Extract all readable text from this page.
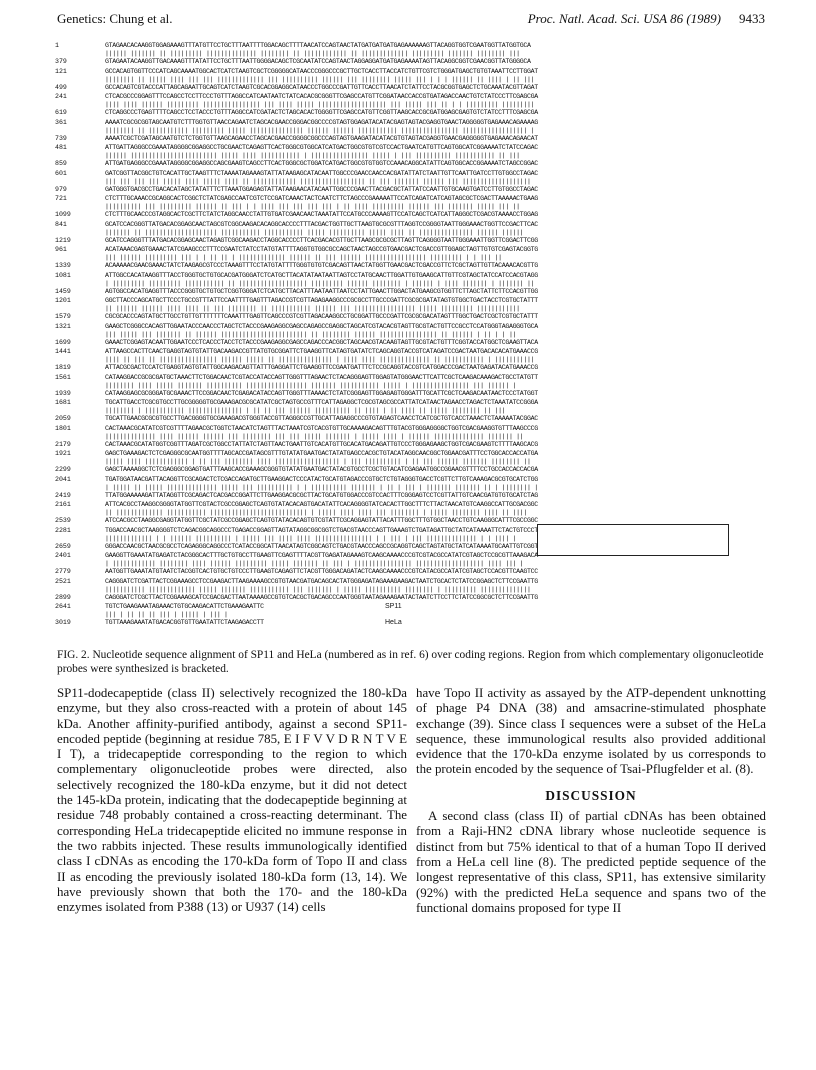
Genetics: Chung et al.	Proc. Natl. Acad. Sci. USA 86 (1989) 9433
1
379
GTAGAACACAAGGTGGAGAAAGTTTATGTTCCTGCTTTAATTTTGGACAGCTTTTAACATCCAGTAACTATGATGATGATGAGAAAAAAGTTACAGGTGGTCGAATGGTTATGGTGCA
|||||| ||||||| || ||||||||| |||||||||||||| |||||||| || |||||||||||| || ||||||||||||| ||||||||| ||||||| |||||||| |||
GTAGAATACAAGGTTGACAAAGTTTATATTCCTGCTTTAATTGGGGACAGCTCGCAATATCCAGTAACTAGGAGGATGATGAGAAAATAGTTACAGGCGGTCGAACGGTTATGGGGCA
121
499
GCCACAGTGGTTCCCATCAGCAAAATGGCACTCATCTAAGTCGCTCGGGGGCATAACCCGGGCCCGCTTGCTCACCTTACCATCTGTTCGTCTGGGATGAGCTGTGTAAATTCCTTGGAT
|||||||| || ||||| |||| ||| ||| ||||||||||||| ||| |||||||||| |||||| ||| |||||||| ||||| ||| | | | |||||| || |||| | || |||
GCCACAGTCGTACCCATTAGCAGAATTGCAGTCATCTAAGTCGCACGGAGGCATAACCCTGGCCCGATTGTTCACCTTAACATCTATTCCTACGCGGTGAGCTCTGCAAATACGTTAGAT
241
619
CTCACGCCCGGAGTTTCCAGCCTCCTTCCCTGTTTAGGCCATCAATAATCTATCACACGCGGGTTCGAGCCATGTTCGGATAACCACCGTGATAGACCAACTGTCTATCCCTTCGAGCGA
|||| |||| |||||| ||||||||| |||||||||||||||| ||| |||| ||||| ||||||||||||||||||| ||| ||||| ||| || | | ||||||||| |||||||||
CTCAGGCCCTGAGTTTTCAGCCTCCTACCCTGTTTAGGCCATCGATACTCTAGCACACTGGGGTTCGAGCCATGTTCGGTTAAGCACCGCGATGGAGCGAGTGTCTATCCTTTCGAGCGA
361
739
AAAATCGCGCGGTAGCAATGTCTTTGGTGTTAACCAGAATCTAGCACGAACCGGGACGGCCCCGTAGTGGAGATACATACGAGTAGTACGAGGTGAACTAGGGGGTGAGAAACAGAAAAG
|||||||| || ||||||||||| ||||||||| ||||| ||||||||||||||| |||||| |||||| ||||||||||| |||||||||||||||| |||||||||||||||||| |
AAAATCGCTCGATAGCAATGTCTCTGGTGTTAAGCAGAACCTAGCACGAACCGGGGCGGCCCAGTAGTGAAGATACATACGTGTAGTACGAGGTGAACGAGGGGGTGAGAAACAGAACAT
481
859
ATTGATTAGGGCCGAAATAGGGGCGGAGGCCTGCGAACTCAGAGTTCACTGGGCGTGGCATCATGACTGGCGTGTCGTCCACTGAATCATGTTCAGTGGCATCGGAAAATCTATCCAGAC
|||||| |||||||||||||||||||||||| ||||| |||| ||||||||||| | |||||||||||||||| ||||| | ||| |||||||||| ||||||||||| || |||
ATTGATGAGGGCCGAAATAGGGGCGGAGGCCAGCGAAGTCAGCCTTCACTGGGCGCTGGATCATGACTGGCGTGTGGTCCAAACAGGCATATTCAGTGGCACCGGAAAATCTAGCCGGAC
601
979
GATCGGTTACGGCTGTCACATTGCTAAGTTTCTAAAATAGAAAGTATTATAAGAGCATACAATTGGCCCGAACCAACCACGATATTATCTAATTGTTCAATTGATCCTTGTGGCCTAGAC
||| ||| ||| ||| ||||| |||| ||||| |||| || |||||||||||| |||||||||||||||||| || ||| ||||||| |||||| ||| |||||||||||||||||||
GATGGGTGACGCCTGACACATAGCTATATTTCTTAAATGGAGAGTATTATAAGAACATACAATTGGCCCGAACTTACGACGCTATTATCCAATTGTGCAAGTGATCCTTGTGGCCTAGAC
721
1099
CTCTTTGCAAACCGCAGGCACTCGGCTCTATCGAGCCAATCGTCTCCGATCAAACTACTCAATCTTCTAGCCCGAAAAATTCCATCAGATCATCAGTAGCGCTCGACTTAAAAACTGAAG
|||||||||| ||| ||||||||| |||||| || ||| | | |||| ||| ||| ||| ||| | || |||| ||||||||| |||||| ||| ||||||| ||||| ||| ||
CTCTTTGCAACCCGTAGGCACTCGCTTCTATCTAGGCAACCTATTGTGATCGAACAACTAAATATTCCATGCCCAAAAGTTCCATCAGCTCATCATTAGGGCTCGACGTAAAACCTGGAG
841
1219
GCATCCACGGGTTATGACACGGAGCAACTAGCGTCGGCAAGACACAGGCACCCCTTTACGACTGGTTGCTTAAGTGCGCGTTTAGGTCCGGGGTAATTGGGAAACTGGTTCCGACTTCAC
||||||| || |||||||||||||||||||| ||||||||||| ||||||||||| ||||| |||||||||| ||||| |||| || ||||||||||||||| |||||| ||||||
GCATCCAGGGTTTATGACACGGAGCAACTAGAGTCGGCAAGACCTAGGCACCCCTTCACGACACGTTGCTTAAGCGCGCGCTTAGTTCAGGGGTAATTGGGAAATTGGTTCGGACTTCGG
961
1339
ACATAAACGAGTGAAACTATCGAAGCCCTTTCCGAATCTATCCTATGTATTTTAGGTGTGGCGCCAGCTAACTAGCCGTGAACGACTCGACCGTTGGAGCTAGTTGTGTCGAGTACGGTG
||| |||||| ||||||||| ||| | | || || | ||||||||||||| |||||| || ||| |||||| ||||||||||||||||| ||||||||| | | ||| ||
ACAAAAACGAACGAAACTATCTAAGAGCGTCCCTAAAGTTTCCTATGTATTTTGGGTGTGTCGACAGTTAACTATGGTTGAACGACTCGACCGTTCTCGCTAGTTGTTACAAACACGTTG
1081
1459
ATTGGCCACATAAGGTTTACCTGGGTGCTGTGCACGATGGGATCTCATGCTTACATATAATAATTAGTCCTATGCAACTTGGATTGTGAAGCATTGTTCGTAGCTATCCATCCACGTAGG
| ||||||||| ||||||||| ||||||||||| || ||||||||||||||||||| ||||||||| |||||| |||||||| | |||||| | |||| ||||||| | ||||||| ||
AGTGGCCACATGAGGTTTACCCGGGTGCTGTGCTCGGTGGGATCTCATGCTTACATTTAATAATTAATCCTATTGAACTTGGACTATGAAGCGTGGTTCTTAGCTATTCTTCCACGTTGG
1201
1579
GGCTTACCCAGCATGCTTCCCTGCCGTTTATTCCAATTTTGAGTTTAGACCGTCGTTAGAGAAGGCCCGCGCCTTGCCCGATTCGCGCGATATAGTGTGGCTGACTACCTCGTGCTATTT
|| |||||| |||||| |||| |||| || ||| |||||||| || ||||||||||| |||||| ||| ||||||||||||||||| ||||| ||||||||| ||||||||||||
CGCGCACCCAGTATGCTTGCCTGTTGTTTTTTTCAAATTTGAGTTCAGCCCGTCGTTAGACAAGGCCTGCGGATTGCCCGATTCGCGCGACATAGTTTGGCTGACTCGCTCGTGCTATTT
1321
1699
GAAGCTCGGGCCACAGTTGGAATACCCAACCCTAGCTCTACCCGAAGAGGCGAGCCAGAGCCGAGGCTAGCATCGTACACGTAGTTGCGTACTGTTCCGCCTCCATGGGTAGAGGGTGCA
||| ||||| ||| ||||||| || |||||| |||||||||||||||||||||||| || |||||||| |||||| |||||||||||||||| || |||||| | || | | ||
GAAACTCGGAGTACAATTGGAATCCCTCACCCTACCTCTACCCGAAGAGGCGAGCCAGACCCACGGCTAGCAACGTACAAGTAGTTGCGTACTGTTTCGGTACCATGGCTCGAAGTTACA
1441
1819
ATTAAGCCACTTCAACTGAGGTAGTGTATTGACAAGACCGTTATGTGCGGATTCTGAAGGTTCATAGTGATATCTCAGCAGGTACCGTCATAGATCCGACTAATGACACACATGAAACCG
|||| || ||| || |||||||||||||||| |||||| ||||| || ||||||||||||||| | |||| |||| |||||||||||||| || ||||||||||| | |||||||||||
ATTACGCGACTCCATCTGAGGTAGTGTATTGGCAAGACAGTTATTTGAGGATTCTGAAGGTTCCGAATGATTTCTCCGCAGGTACCGTCATGGACCCGACTAATGAGATACATGAAACCG
1561
1939
CATAAGGACCGCGCGATGCTAAACTTCTGGACAACTCGTACCATACCAGTTGGGTTTAGAACTCTACAGGGAGTTGGAGTATGGGAACTTCATTCGCTCAAGACAAAGACTGCCTATGTT
|||||||| |||| ||||| ||||||| |||||||||| ||||||||||||||||| ||||||| ||||||||||| ||||| | |||||||||||||||| ||| |||||| |
CATAAGGAGCGCGGGATGCGAAACTTCCGGACAACTCGAGACATACCAGTTGGGTTTAAAACTCTATCGGGAGTTGGAGAGTGGGATTTGCATTCGCTCAAGACAATAACTCCCTATGGT
1681
2059
TGCATTGACCTCGCGTGCCTTGCGGGGGTGCGAAAGACGCGCATATCGCTAGTGCCGTTTCATTAGAGGCTCGCGTAGCGCCATTATCATAACTAGAACCTAGACTCTAAATATCCGGGA
|||||||| | ||||||||||| ||||||||||||||| | || || ||| |||||| |||||||||| || |||| | || |||| || ||||| |||||||| || |||
TGCATTGAACGCGCGTGCCTTGACGGGGTGCGAAAGACGTGGGTACCGTTAGGGCCGTTGCATTAGAGGCCCGTGTAGAGTCAACCTCATCGCTGTCACCTAAACTCTAAAAATACGGAC
1801
2179
CACTAAACGCATATCGTCGTTTTAGAACGCTGGTCTAACATCTAGTTTACTAAATCGTCACGTGTTGCAAAAGACAGTTTGTACGTGGGAGGGGCTGGTCGACGAAGGTGTTTAAGCCCG
|||||||||||||| |||| |||||| |||||| ||| |||||||| ||| ||| ||||| ||||||| | ||||| |||| | |||||| |||||||||||||| ||||||| ||
CACTAAACGCATATGGTCGGTTTAGATCGCTGGCCTATTATCTAGTTAACTGAATTGTCACATGTTGCACATGACAGATTGTCCCTGGGAGAAGCTGGTCGACGAAGTCTTTTAAGCACG
1921
2299
GAGCTGAAAGACTCTCGAGGGCGCAATGGTTTTAGCACCGATAGCGTTTGTATATGAATGACTATATGAGCCACGCTGTACATAGGCAACGGCTGGAACGATTTCCTGGCACCACCATGA
||||| |||| |||||||||||| | || ||| |||||||| |||| |||||||||||||||||| | ||| |||||||||| | || ||| |||||| ||||||| |||||||| ||
GAGCTAAAAGGCTCTCGAGGGCGGAGTGATTTAAGCACCGAAAGCGGGTGTATATGAATGACTATACGTGCCTCGCTGTACATCGAGAATGGCCGGAACGTTTTCCTGCCACCACCACGA
2041
2419
TGATGGATAACGATTACAGGTTCGCAGACTCTCGACCAGATGCTTGAAGGACTCCCATACTGCATGTAGACCCGTGCTCTGTAGGGTGACCTCGTTCTTGTCAAAGACGCGTGCATCTGG
| ||||| || ||||| |||||||||||||| ||||| ||| |||||||||| | | |||||||||| ||||||| | || | ||| | ||||||| ||||||| || | |||||||| |
TTATGGAAAAAGATTATAGGTTCGCAGACTCACGACCGGATTCTTGAAGGACGCGCTTACTGCATGTGGACCCGTCCACTTTCGGGAGTCCTCGTTATTGTCAACGATGTGTGCATCTAG
2161
2539
ATTCACGCCTAAGGCGGGGTATGGTTCGTACTCGCCGGAGCTCAGTGTATACACAGTGACATATTCACAGGGGTATCACACTTGGCTTTCTTACTAACATGTCAAGGCCATTGCGACGGC
|| ||||||||||||| ||||||||||| ||||||||||||||||||||||||||| | ||||| |||| |||| ||| |||||||| | ||||| |||||||| |||| || ||||
ATCCACGCCTAAGGCGAGGTATGGTTCGCTATCGCCGGAGCTCAGTGTATACACAGTGTCGTATTCGCAGGAGTATTACATTTGGCTTTGTGGCTAACCTGTCAAGGGCATTTCGCCGGC
2281
2659
TGGACCAACGCTAAGGGGTCTCAGACGGCAGGCCCTGAGACCGGAGTTAGTATAGGCGGCGGTCTGACGTAACCCAGTTGAAAGTCTGATAGATTGCTATCATAAAATTCTACTGTCCCT
||||||||||||| | | |||||| |||||||||| | ||||| ||| |||| |||| |||||||||||||||| | | ||| | ||| |||||||||||||| | | |||| |
GGGACCAACGCTAACGCGCCTCAGAGGGCAGGCCCTCATACCGGCATTAACATAGTCGGCAGTCTGACGTAACCCAGCCGCAGGTCAGCTAGTATGCTATCATAAAATGCAATTGTCGGT
2401
2779
GAAGGTTGAAATATGAGATCTACGGGCACTTTGCTGTGCCTTGAAGTTCGAGTTTTACGTTGAGATAGAAAGTCAAGCAAAACCCGTCGTACGCCATATCGTAGCTCCGCGTTAAAGACA
| |||||||||||| |||||||| |||| |||||| ||||||||| ||||| ||||||| || ||| | |||||||||||||||| ||||||||||||||||||| |||| ||| |
AATGGTTGAAATATGTAATCTACGGTCACTGTGCTGTCCCTTGAAGTCAGAGTTCTACGTTGGGACAGATACTCAAGCAAAACCCGTCATACGCCATATCGTAGCTCCACGTTCAAGTCC
2521
2899
CAGGGATCTCGATTACTCGGAAAGCCTCCGAAGACTTAAGAAAAGCCGTGTAACGATGACAGCACTATGGGAGATAGAAAGAAGACTAATCTGCACTCTATCCGGAGCTCTTCCGAATTG
||||||||||| ||||||||||||| ||||| ||||||| ||||||||||| ||| ||||||| | ||||| |||||||||| |||||||| | ||||||||| ||||||||||||||
CAGGGATCTCGCTTACTCGGAAAGCATCCGACGACTTAATAAAAGCCGTGTCACGCTGACAGCCCAATGGGTAATAGAAAGAATACTAATCTTCCTTCTATCCGGCGCTCTTCCGAATTG
2641
3019
TGTCTGAAGAAATAGAAACTGTGCAAGACATTCTGAAAGAATTC
||| | || || || ||| | ||||| | ||| |
TGTTAAAGAAATATGACACGGTGTTGAATATTCTAAGAGACCTT
SP11
HeLa
FIG. 2. Nucleotide sequence alignment of SP11 and HeLa (numbered as in ref. 6) over coding regions. Region from which complementary oligonucleotide probes were synthesized is bracketed.

SP11-dodecapeptide (class II) selectively recognized the 180-kDa enzyme, but they also cross-reacted with a protein of about 145 kDa. Another affinity-purified antibody, against a second SP11-encoded peptide (beginning at residue 785, E I F V V D R N T V E I T), a tridecapeptide corresponding to the region to which complementary oligonucleotide probes were directed, also selectively recognized the 180-kDa enzyme, but it did not detect the 145-kDa protein, indicating that the dodecapeptide beginning at residue 748 probably contained a cross-reacting determinant. The corresponding HeLa tridecapeptide elicited no immune response in the two rabbits injected. These results immunologically identified class I cDNAs as encoding the 170-kDa form of Topo II and class II as encoding the previously isolated 180-kDa form (13, 14). We have previously shown that both the 170- and the 180-kDa enzymes isolated from P388 (13) or U937 (14) cells

have Topo II activity as assayed by the ATP-dependent unknotting of phage P4 DNA (38) and amsacrine-stimulated phosphate exchange (39). Since class I sequences were a subset of the HeLa sequence, these immunological results also provided additional evidence that the 170-kDa enzyme isolated by us corresponds to the protein encoded by the sequence of Tsai-Pflugfelder et al. (8).

DISCUSSION

A second class (class II) of partial cDNAs has been obtained from a Raji-HN2 cDNA library whose nucleotide sequence is distinct from but 75% identical to that of a human Topo II derived from a HeLa cell line (8). The predicted peptide sequence of the longest representative of this class, SP11, has extensive similarity (92%) with the predicted HeLa sequence and spans two of the functional domains proposed for type II
